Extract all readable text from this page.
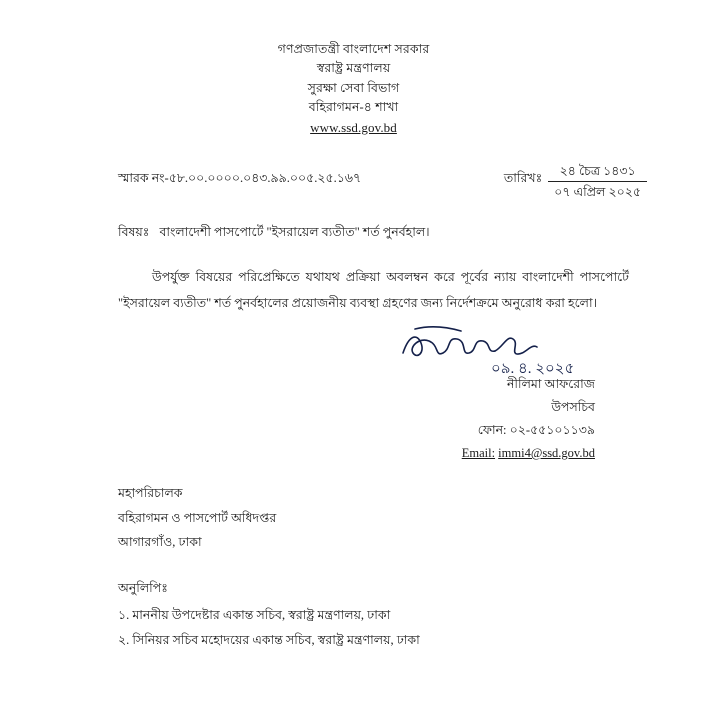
গণপ্রজাতন্ত্রী বাংলাদেশ সরকার
স্বরাষ্ট্র মন্ত্রণালয়
সুরক্ষা সেবা বিভাগ
বহিরাগমন-৪ শাখা
www.ssd.gov.bd
স্মারক নং-৫৮.০০.০০০০.০৪৩.৯৯.০০৫.২৫.১৬৭	তারিখঃ	২৪ চৈত্র ১৪৩১
০৭ এপ্রিল ২০২৫
বিষয়ঃ বাংলাদেশী পাসপোর্টে "ইসরায়েল ব্যতীত" শর্ত পুনর্বহাল।
উপর্যুক্ত বিষয়ের পরিপ্রেক্ষিতে যথাযথ প্রক্রিয়া অবলম্বন করে পূর্বের ন্যায় বাংলাদেশী পাসপোর্টে "ইসরায়েল ব্যতীত" শর্ত পুনর্বহালের প্রয়োজনীয় ব্যবস্থা গ্রহণের জন্য নির্দেশক্রমে অনুরোধ করা হলো।
০৯. ৪. ২০২৫
নীলিমা আফরোজ
উপসচিব
ফোন: ০২-৫৫১০১১৩৯
Email: immi4@ssd.gov.bd
মহাপরিচালক
বহিরাগমন ও পাসপোর্ট অধিদপ্তর
আগারগাঁও, ঢাকা
অনুলিপিঃ
১. মাননীয় উপদেষ্টার একান্ত সচিব, স্বরাষ্ট্র মন্ত্রণালয়, ঢাকা
২. সিনিয়র সচিব মহোদয়ের একান্ত সচিব, স্বরাষ্ট্র মন্ত্রণালয়, ঢাকা
